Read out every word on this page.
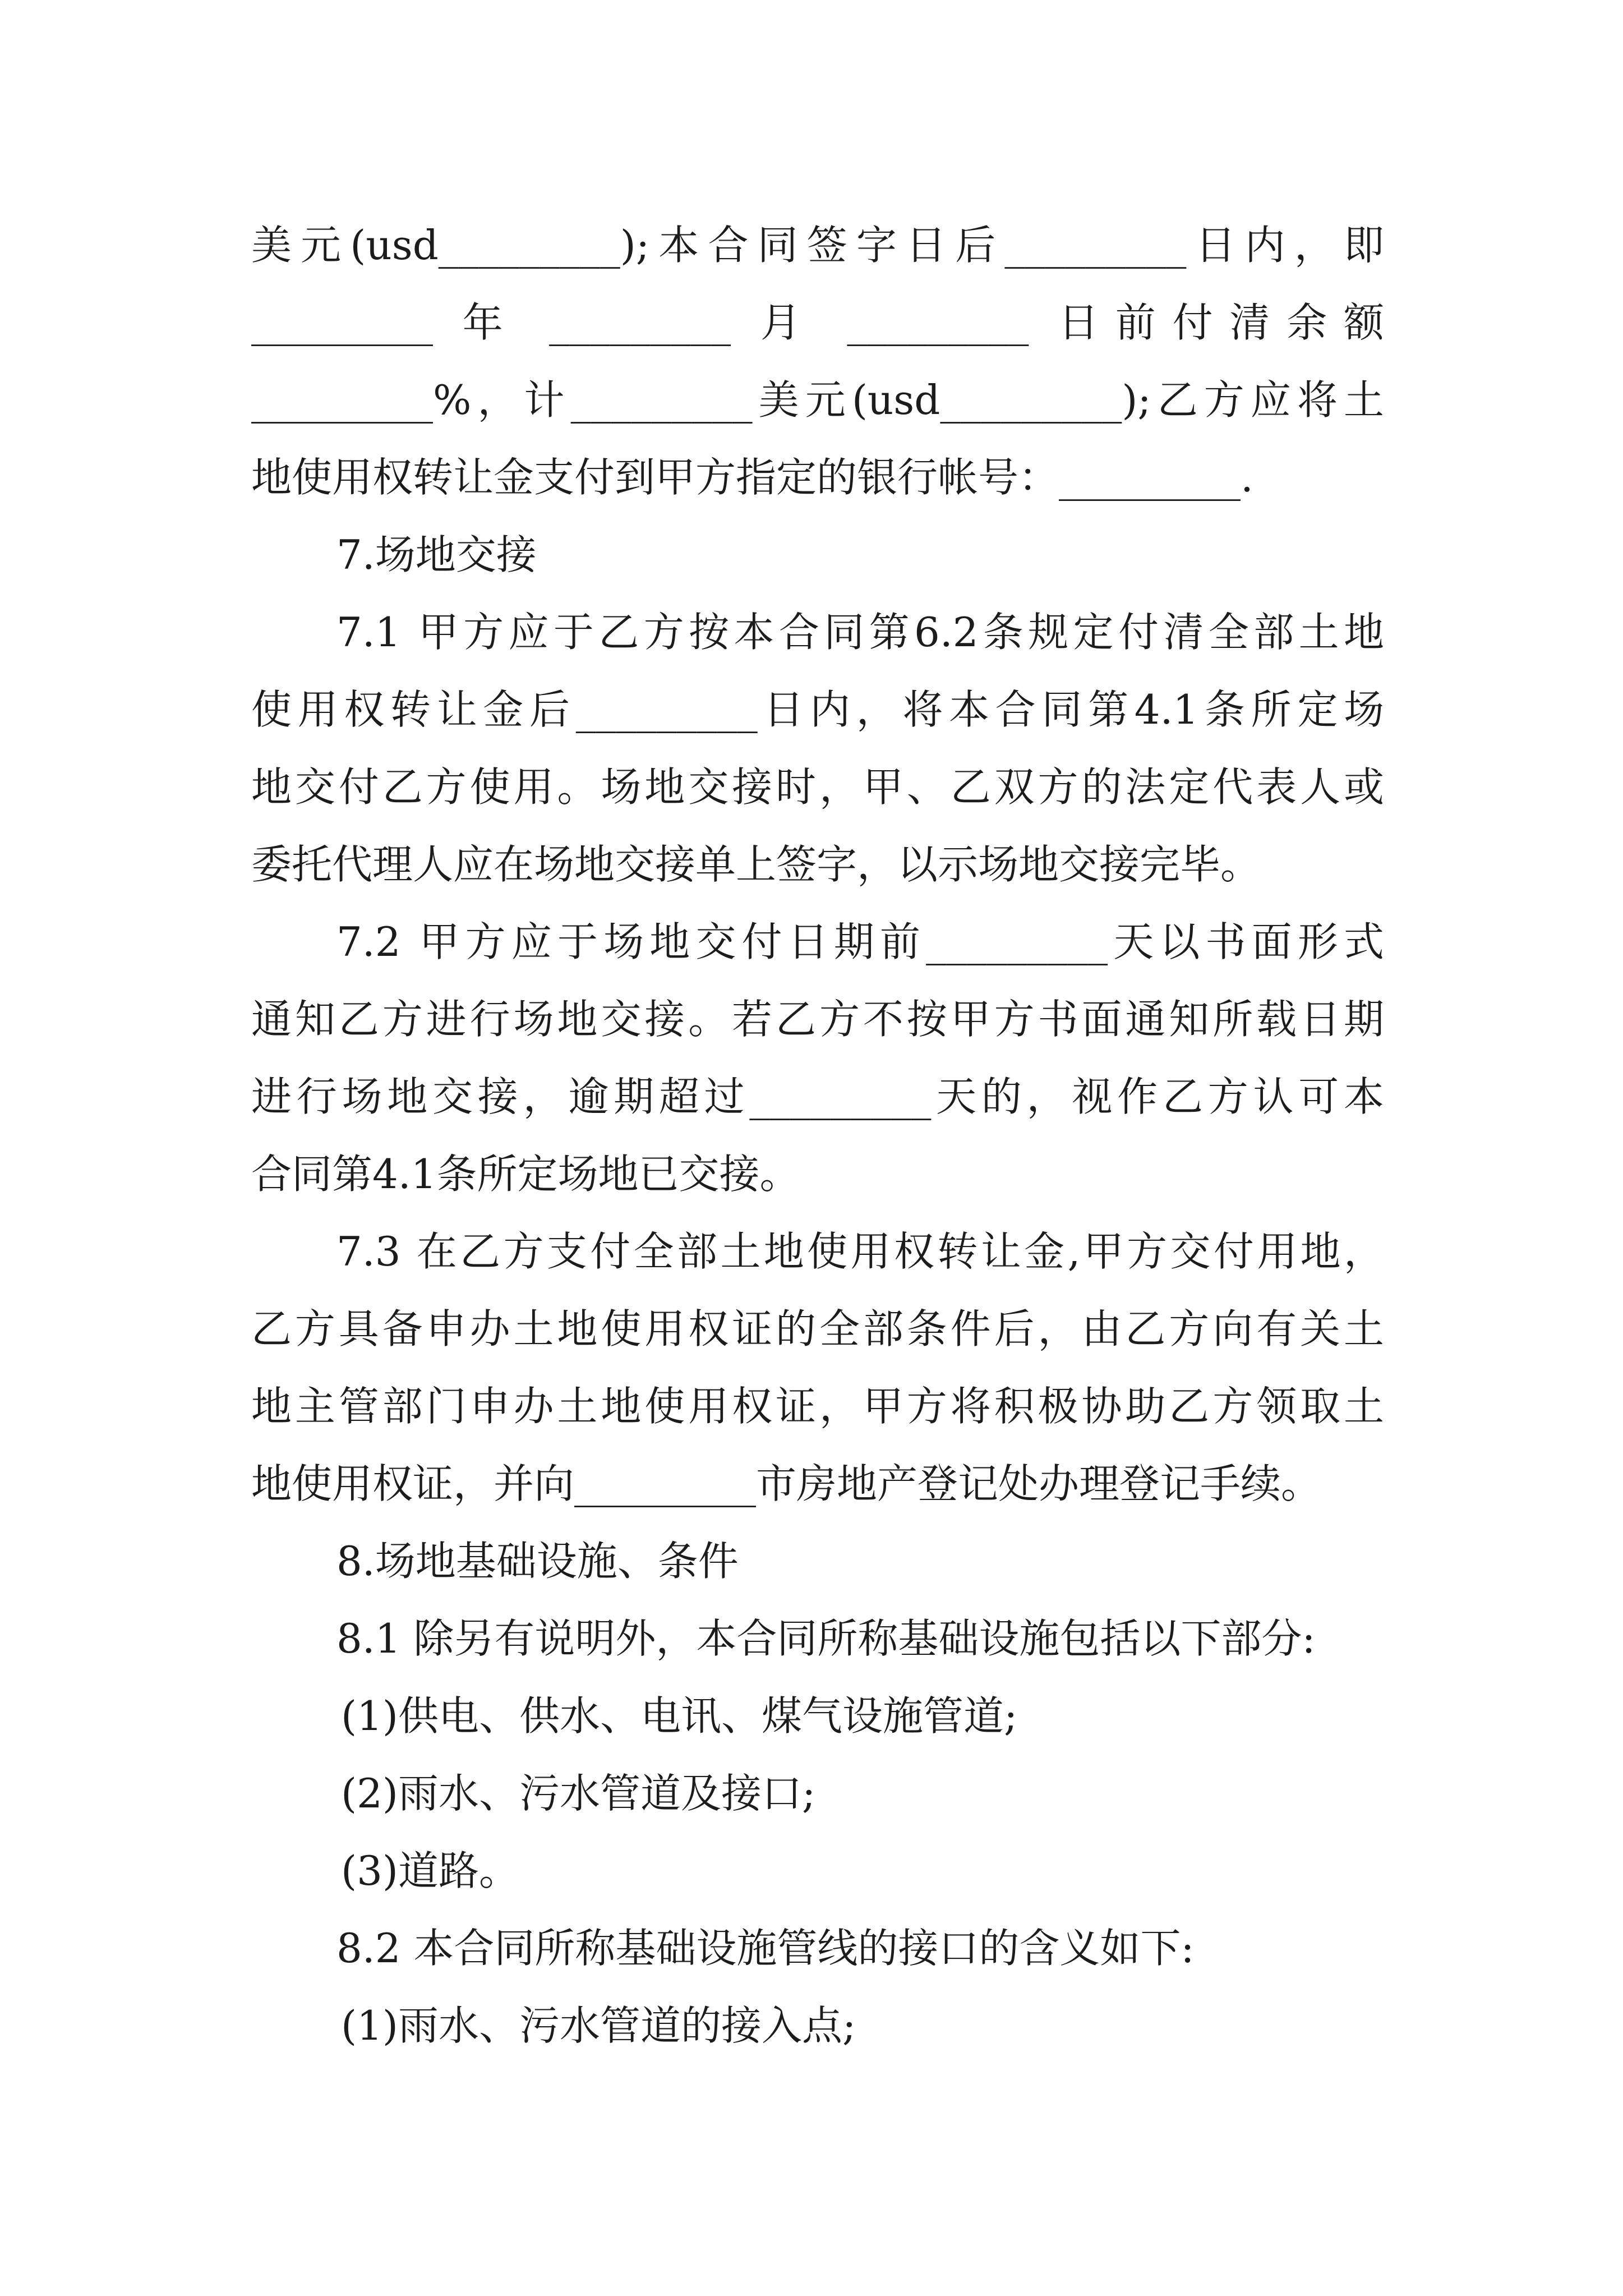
美元(usd_________);本合同签字日后_________日内，即
_________ 年 _________ 月 _________ 日前付清余额
_________%，计_________美元(usd_________);乙方应将土
地使用权转让金支付到甲方指定的银行帐号：_________.
7.场地交接
7.1 甲方应于乙方按本合同第6.2条规定付清全部土地
使用权转让金后_________日内，将本合同第4.1条所定场
地交付乙方使用。场地交接时，甲、乙双方的法定代表人或
委托代理人应在场地交接单上签字，以示场地交接完毕。
7.2 甲方应于场地交付日期前_________天以书面形式
通知乙方进行场地交接。若乙方不按甲方书面通知所载日期
进行场地交接，逾期超过_________天的，视作乙方认可本
合同第4.1条所定场地已交接。
7.3 在乙方支付全部土地使用权转让金,甲方交付用地，
乙方具备申办土地使用权证的全部条件后，由乙方向有关土
地主管部门申办土地使用权证，甲方将积极协助乙方领取土
地使用权证，并向_________市房地产登记处办理登记手续。
8.场地基础设施、条件
8.1 除另有说明外，本合同所称基础设施包括以下部分:
(1)供电、供水、电讯、煤气设施管道;
(2)雨水、污水管道及接口;
(3)道路。
8.2 本合同所称基础设施管线的接口的含义如下:
(1)雨水、污水管道的接入点;
